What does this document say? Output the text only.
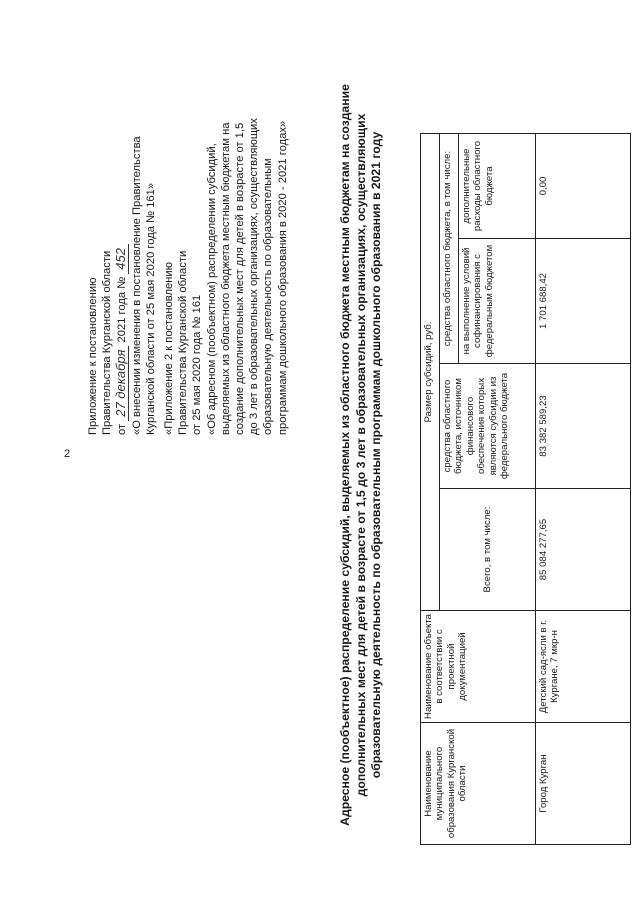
2
Приложение к постановлению Правительства Курганской области от 27 декабря 2021 года № 452 «О внесении изменения в постановление Правительства Курганской области от 25 мая 2020 года № 161» «Приложение 2 к постановлению Правительства Курганской области от 25 мая 2020 года № 161 «Об адресном (пообъектном) распределении субсидий, выделяемых из областного бюджета местным бюджетам на создание дополнительных мест для детей в возрасте от 1,5 до 3 лет в образовательных организациях, осуществляющих образовательную деятельность по образовательным программам дошкольного образования в 2020 - 2021 годах»	Адресное (пообъектное) распределение субсидий, выделяемых из областного бюджета местным бюджетам на создание дополнительных мест для детей в возрасте от 1,5 до 3 лет в образовательных организациях, осуществляющих образовательную деятельность по образовательным программам дошкольного образования в 2021 году
Наименование муниципального образования Курганской области	Наименование объекта в соответствии с проектной документацией	Размер субсидий, руб.			
		Всего, в том числе:	средства областного бюджета, источником финансового обеспечения которых являются субсидии из федерального бюджета	средства областного бюджета, в том числе:	
				на выполнение условий софинансирования с федеральным бюджетом	дополнительные расходы областного бюджета
Город Курган	Детский сад-ясли в г. Кургане, 7 мкр-н	85 084 277,65	83 382 589,23	1 701 688,42	0,00
